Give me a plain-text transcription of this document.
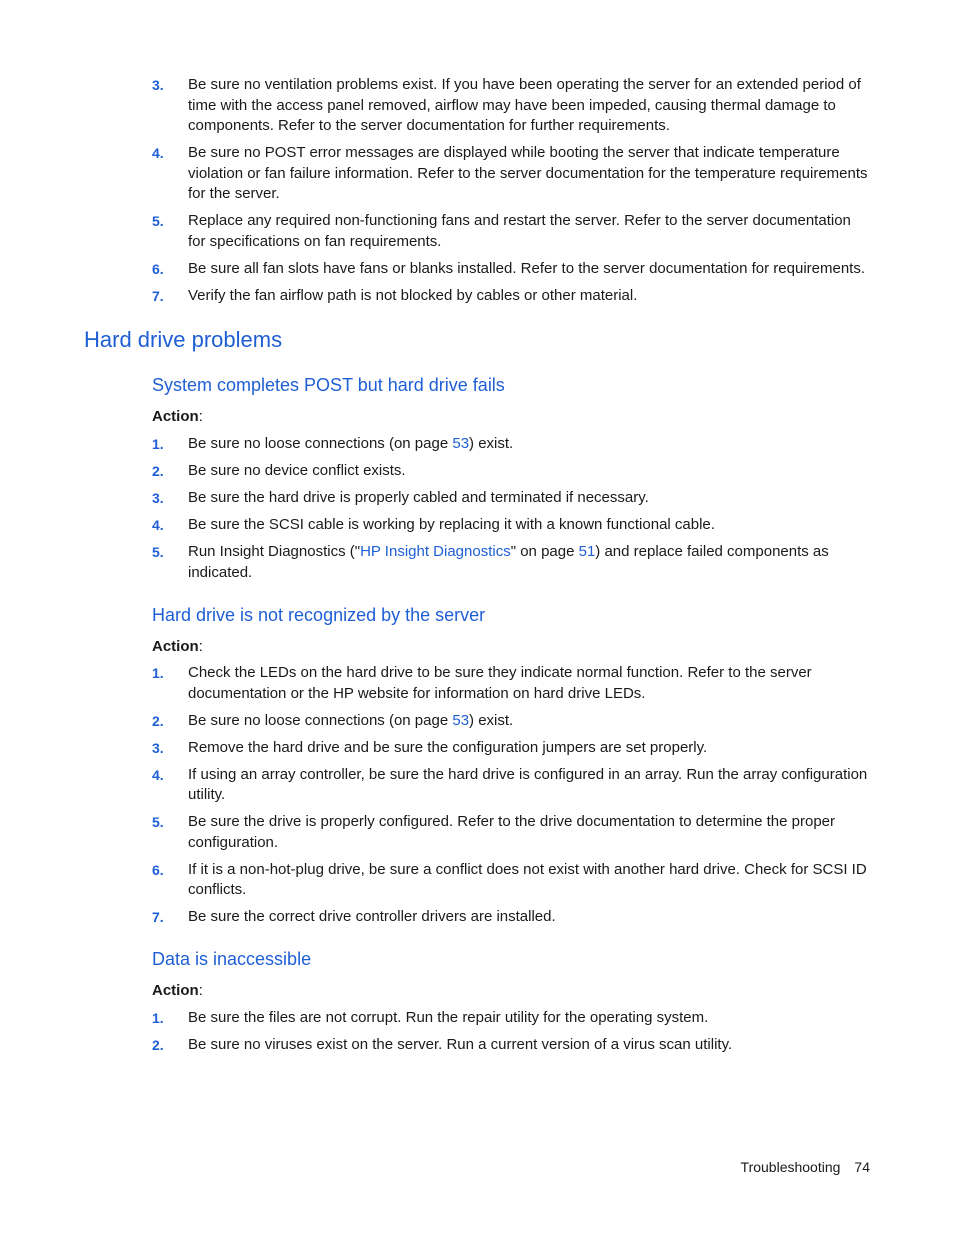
3. Be sure no ventilation problems exist. If you have been operating the server for an extended period of time with the access panel removed, airflow may have been impeded, causing thermal damage to components. Refer to the server documentation for further requirements.
4. Be sure no POST error messages are displayed while booting the server that indicate temperature violation or fan failure information. Refer to the server documentation for the temperature requirements for the server.
5. Replace any required non-functioning fans and restart the server. Refer to the server documentation for specifications on fan requirements.
6. Be sure all fan slots have fans or blanks installed. Refer to the server documentation for requirements.
7. Verify the fan airflow path is not blocked by cables or other material.
Hard drive problems
System completes POST but hard drive fails

Action:

1. Be sure no loose connections (on page 53) exist.
2. Be sure no device conflict exists.
3. Be sure the hard drive is properly cabled and terminated if necessary.
4. Be sure the SCSI cable is working by replacing it with a known functional cable.
5. Run Insight Diagnostics ("HP Insight Diagnostics" on page 51) and replace failed components as indicated.
Hard drive is not recognized by the server

Action:

1. Check the LEDs on the hard drive to be sure they indicate normal function. Refer to the server documentation or the HP website for information on hard drive LEDs.
2. Be sure no loose connections (on page 53) exist.
3. Remove the hard drive and be sure the configuration jumpers are set properly.
4. If using an array controller, be sure the hard drive is configured in an array. Run the array configuration utility.
5. Be sure the drive is properly configured. Refer to the drive documentation to determine the proper configuration.
6. If it is a non-hot-plug drive, be sure a conflict does not exist with another hard drive. Check for SCSI ID conflicts.
7. Be sure the correct drive controller drivers are installed.
Data is inaccessible

Action:

1. Be sure the files are not corrupt. Run the repair utility for the operating system.
2. Be sure no viruses exist on the server. Run a current version of a virus scan utility.
Troubleshooting 74
